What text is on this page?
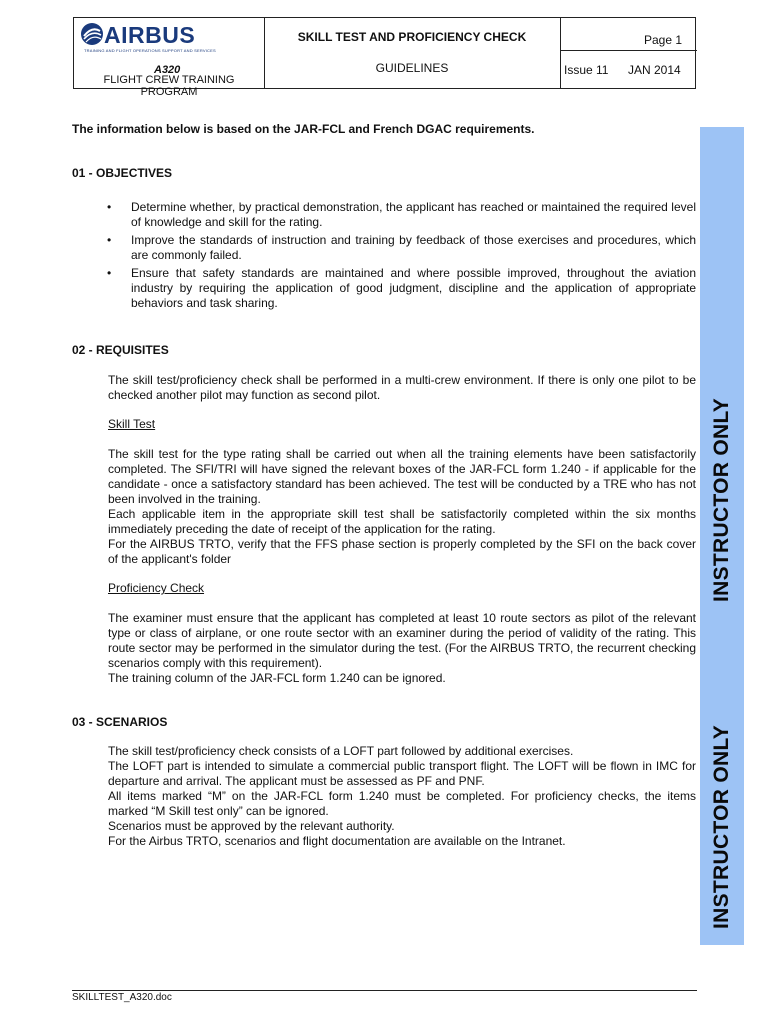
AIRBUS
TRAINING AND FLIGHT OPERATIONS SUPPORT AND SERVICES
A320
FLIGHT CREW TRAINING PROGRAM
SKILL TEST AND PROFICIENCY CHECK
GUIDELINES
Page 1
Issue 11 JAN 2014
INSTRUCTOR ONLY
INSTRUCTOR ONLY
The information below is based on the JAR-FCL and French DGAC requirements.
01 - OBJECTIVES
• Determine whether, by practical demonstration, the applicant has reached or maintained the required level of knowledge and skill for the rating.
• Improve the standards of instruction and training by feedback of those exercises and procedures, which are commonly failed.
• Ensure that safety standards are maintained and where possible improved, throughout the aviation industry by requiring the application of good judgment, discipline and the application of appropriate behaviors and task sharing.
02 - REQUISITES
The skill test/proficiency check shall be performed in a multi-crew environment. If there is only one pilot to be checked another pilot may function as second pilot.
Skill Test
The skill test for the type rating shall be carried out when all the training elements have been satisfactorily completed. The SFI/TRI will have signed the relevant boxes of the JAR-FCL form 1.240 - if applicable for the candidate - once a satisfactory standard has been achieved. The test will be conducted by a TRE who has not been involved in the training.
Each applicable item in the appropriate skill test shall be satisfactorily completed within the six months immediately preceding the date of receipt of the application for the rating.
For the AIRBUS TRTO, verify that the FFS phase section is properly completed by the SFI on the back cover of the applicant's folder
Proficiency Check
The examiner must ensure that the applicant has completed at least 10 route sectors as pilot of the relevant type or class of airplane, or one route sector with an examiner during the period of validity of the rating. This route sector may be performed in the simulator during the test. (For the AIRBUS TRTO, the recurrent checking scenarios comply with this requirement).
The training column of the JAR-FCL form 1.240 can be ignored.
03 - SCENARIOS
The skill test/proficiency check consists of a LOFT part followed by additional exercises.
The LOFT part is intended to simulate a commercial public transport flight. The LOFT will be flown in IMC for departure and arrival. The applicant must be assessed as PF and PNF.
All items marked “M” on the JAR-FCL form 1.240 must be completed. For proficiency checks, the items marked “M Skill test only” can be ignored.
Scenarios must be approved by the relevant authority.
For the Airbus TRTO, scenarios and flight documentation are available on the Intranet.
SKILLTEST_A320.doc
